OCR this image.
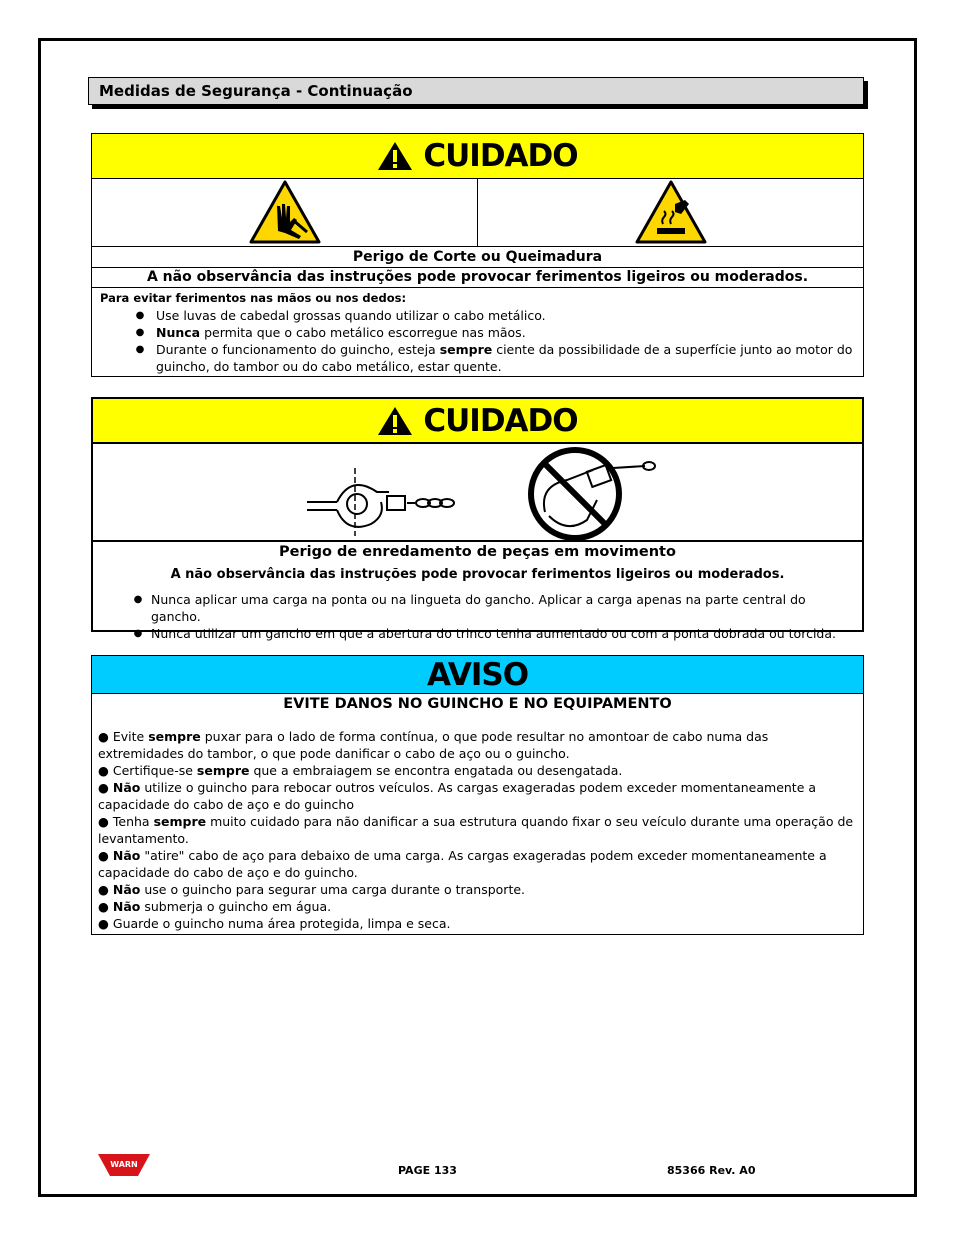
Medidas de Segurança - Continuação
CUIDADO
Perigo de Corte ou Queimadura
A não observância das instruções pode provocar ferimentos ligeiros ou moderados.
Para evitar ferimentos nas mãos ou nos dedos:
● Use luvas de cabedal grossas quando utilizar o cabo metálico.
● Nunca permita que o cabo metálico escorregue nas mãos.
● Durante o funcionamento do guincho, esteja sempre ciente da possibilidade de a superfície junto ao motor do guincho, do tambor ou do cabo metálico, estar quente.
CUIDADO
Perigo de enredamento de peças em movimento
A não observância das instruções pode provocar ferimentos ligeiros ou moderados.
● Nunca aplicar uma carga na ponta ou na lingueta do gancho. Aplicar a carga apenas na parte central do gancho.
● Nunca utilizar um gancho em que a abertura do trinco tenha aumentado ou com a ponta dobrada ou torcida.
AVISO
EVITE DANOS NO GUINCHO E NO EQUIPAMENTO
● Evite sempre puxar para o lado de forma contínua, o que pode resultar no amontoar de cabo numa das extremidades do tambor, o que pode danificar o cabo de aço ou o guincho.
● Certifique-se sempre que a embraiagem se encontra engatada ou desengatada.
● Não utilize o guincho para rebocar outros veículos. As cargas exageradas podem exceder momentaneamente a capacidade do cabo de aço e do guincho
● Tenha sempre muito cuidado para não danificar a sua estrutura quando fixar o seu veículo durante uma operação de levantamento.
● Não "atire" cabo de aço para debaixo de uma carga. As cargas exageradas podem exceder momentaneamente a capacidade do cabo de aço e do guincho.
● Não use o guincho para segurar uma carga durante o transporte.
● Não submerja o guincho em água.
● Guarde o guincho numa área protegida, limpa e seca.
WARN	PAGE 133	85366 Rev. A0
